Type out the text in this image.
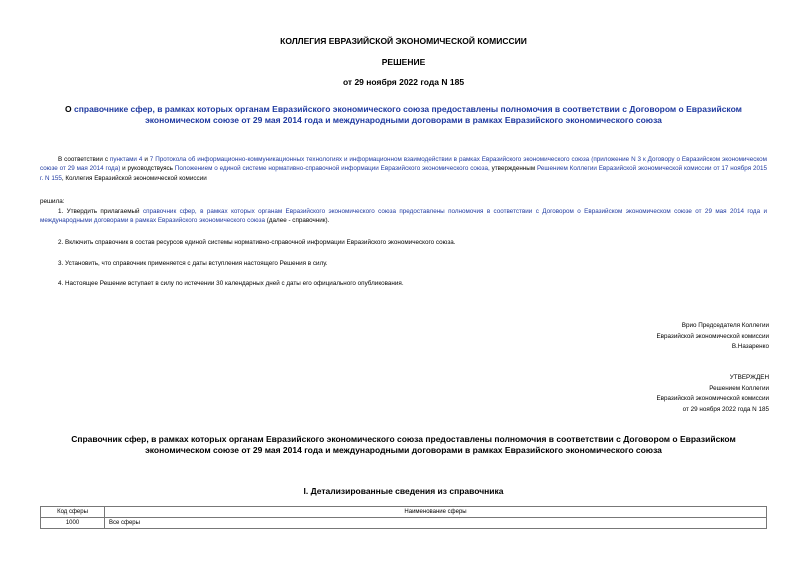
КОЛЛЕГИЯ ЕВРАЗИЙСКОЙ ЭКОНОМИЧЕСКОЙ КОМИССИИ
РЕШЕНИЕ
от 29 ноября 2022 года N 185
О справочнике сфер, в рамках которых органам Евразийского экономического союза предоставлены полномочия в соответствии с Договором о Евразийском экономическом союзе от 29 мая 2014 года и международными договорами в рамках Евразийского экономического союза
В соответствии с пунктами 4 и 7 Протокола об информационно-коммуникационных технологиях и информационном взаимодействии в рамках Евразийского экономического союза (приложение N 3 к Договору о Евразийском экономическом союзе от 29 мая 2014 года) и руководствуясь Положением о единой системе нормативно-справочной информации Евразийского экономического союза, утвержденным Решением Коллегии Евразийской экономической комиссии от 17 ноября 2015 г. N 155, Коллегия Евразийской экономической комиссии
решила:
1. Утвердить прилагаемый справочник сфер, в рамках которых органам Евразийского экономического союза предоставлены полномочия в соответствии с Договором о Евразийском экономическом союзе от 29 мая 2014 года и международными договорами в рамках Евразийского экономического союза (далее - справочник).
2. Включить справочник в состав ресурсов единой системы нормативно-справочной информации Евразийского экономического союза.
3. Установить, что справочник применяется с даты вступления настоящего Решения в силу.
4. Настоящее Решение вступает в силу по истечении 30 календарных дней с даты его официального опубликования.
Врио Председателя Коллегии
Евразийской экономической комиссии
В.Назаренко
УТВЕРЖДЕН
Решением Коллегии
Евразийской экономической комиссии
от 29 ноября 2022 года N 185
Справочник сфер, в рамках которых органам Евразийского экономического союза предоставлены полномочия в соответствии с Договором о Евразийском экономическом союзе от 29 мая 2014 года и международными договорами в рамках Евразийского экономического союза
I. Детализированные сведения из справочника
Код сферы	Наименование сферы
1000	Все сферы
